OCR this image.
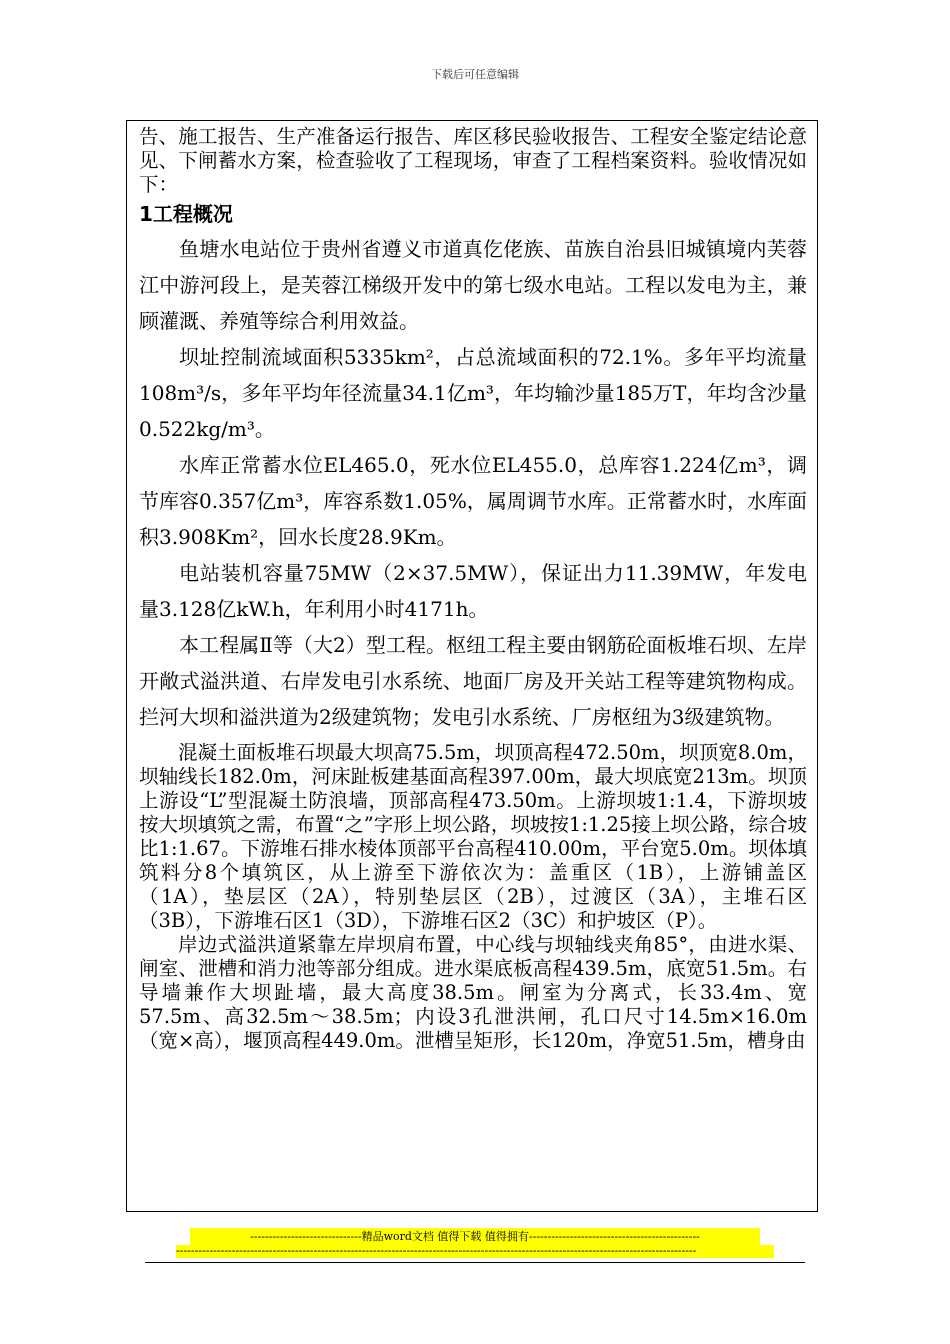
下载后可任意编辑

告、施工报告、生产准备运行报告、库区移民验收报告、工程安全鉴定结论意见、下闸蓄水方案，检查验收了工程现场，审查了工程档案资料。验收情况如下：

1工程概况

鱼塘水电站位于贵州省遵义市道真仡佬族、苗族自治县旧城镇境内芙蓉江中游河段上，是芙蓉江梯级开发中的第七级水电站。工程以发电为主，兼顾灌溉、养殖等综合利用效益。

坝址控制流域面积5335km²，占总流域面积的72.1%。多年平均流量108m³/s，多年平均年径流量34.1亿m³，年均输沙量185万T，年均含沙量0.522kg/m³。

水库正常蓄水位EL465.0，死水位EL455.0，总库容1.224亿m³，调节库容0.357亿m³，库容系数1.05%，属周调节水库。正常蓄水时，水库面积3.908Km²，回水长度28.9Km。

电站装机容量75MW（2×37.5MW），保证出力11.39MW，年发电量3.128亿kW.h，年利用小时4171h。

本工程属Ⅱ等（大2）型工程。枢纽工程主要由钢筋砼面板堆石坝、左岸开敞式溢洪道、右岸发电引水系统、地面厂房及开关站工程等建筑物构成。拦河大坝和溢洪道为2级建筑物；发电引水系统、厂房枢纽为3级建筑物。

混凝土面板堆石坝最大坝高75.5m，坝顶高程472.50m，坝顶宽8.0m，坝轴线长182.0m，河床趾板建基面高程397.00m，最大坝底宽213m。坝顶上游设“L”型混凝土防浪墙，顶部高程473.50m。上游坝坡1:1.4，下游坝坡按大坝填筑之需，布置“之”字形上坝公路，坝坡按1:1.25接上坝公路，综合坡比1:1.67。下游堆石排水棱体顶部平台高程410.00m，平台宽5.0m。坝体填筑料分8个填筑区，从上游至下游依次为：盖重区（1B），上游铺盖区（1A），垫层区（2A），特别垫层区（2B），过渡区（3A），主堆石区（3B），下游堆石区1（3D），下游堆石区2（3C）和护坡区（P）。

岸边式溢洪道紧靠左岸坝肩布置，中心线与坝轴线夹角85°，由进水渠、闸室、泄槽和消力池等部分组成。进水渠底板高程439.5m，底宽51.5m。右导墙兼作大坝趾墙，最大高度38.5m。闸室为分离式，长33.4m、宽57.5m、高32.5m～38.5m；内设3孔泄洪闸，孔口尺寸14.5m×16.0m（宽×高），堰顶高程449.0m。泄槽呈矩形，长120m，净宽51.5m，槽身由

------------------------------精品word文档 值得下载 值得拥有----------------------------------------------
--------------------------------------------------------------------------------------------------------------------------------------------
